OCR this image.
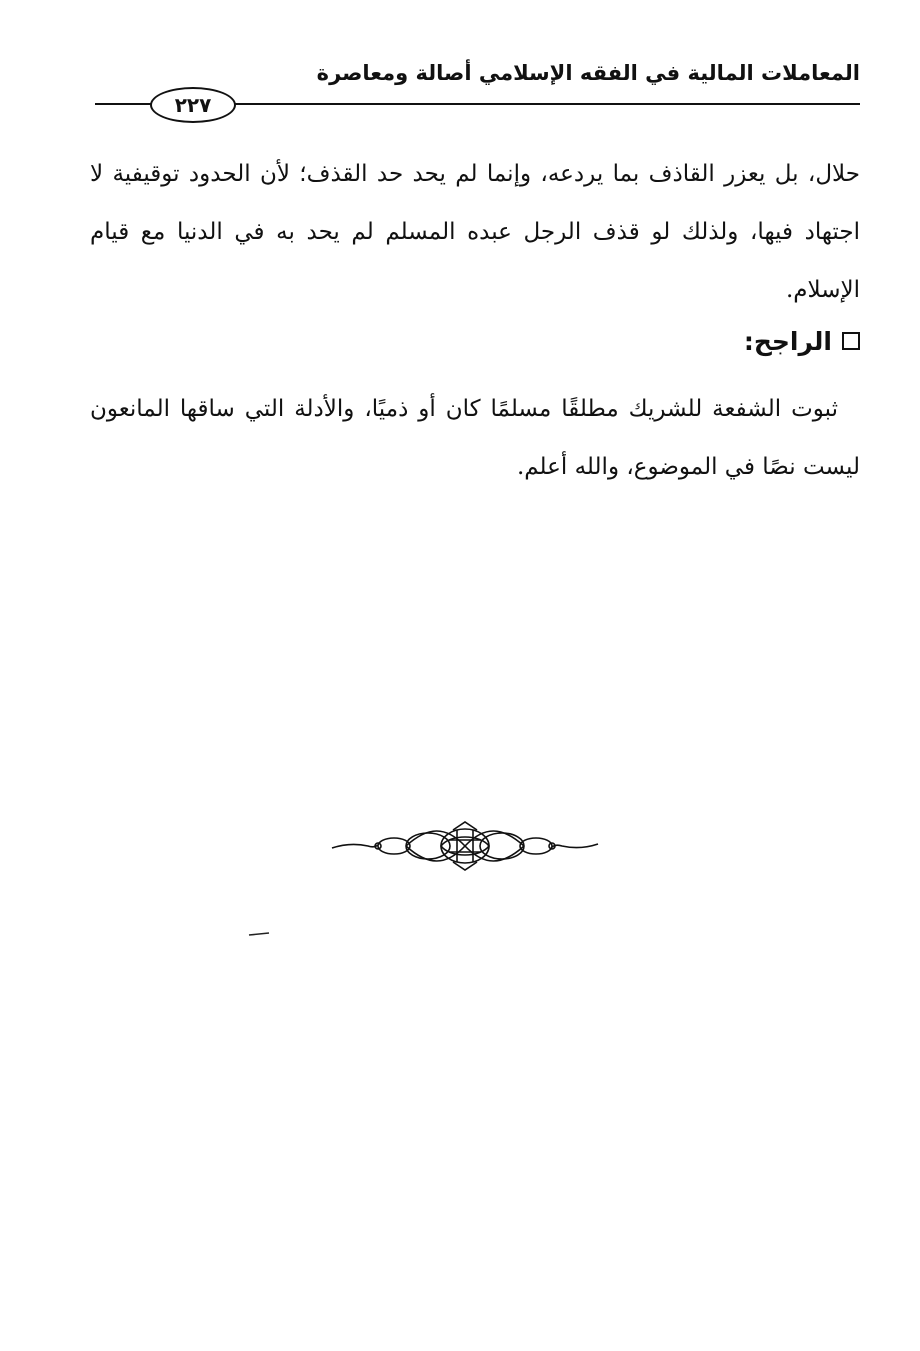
المعاملات المالية في الفقه الإسلامي أصالة ومعاصرة
٢٢٧

حلال، بل يعزر القاذف بما يردعه، وإنما لم يحد حد القذف؛ لأن الحدود توقيفية لا اجتهاد فيها، ولذلك لو قذف الرجل عبده المسلم لم يحد به في الدنيا مع قيام الإسلام.

الراجح:

ثبوت الشفعة للشريك مطلقًا مسلمًا كان أو ذميًا، والأدلة التي ساقها المانعون ليست نصًا في الموضوع، والله أعلم.
